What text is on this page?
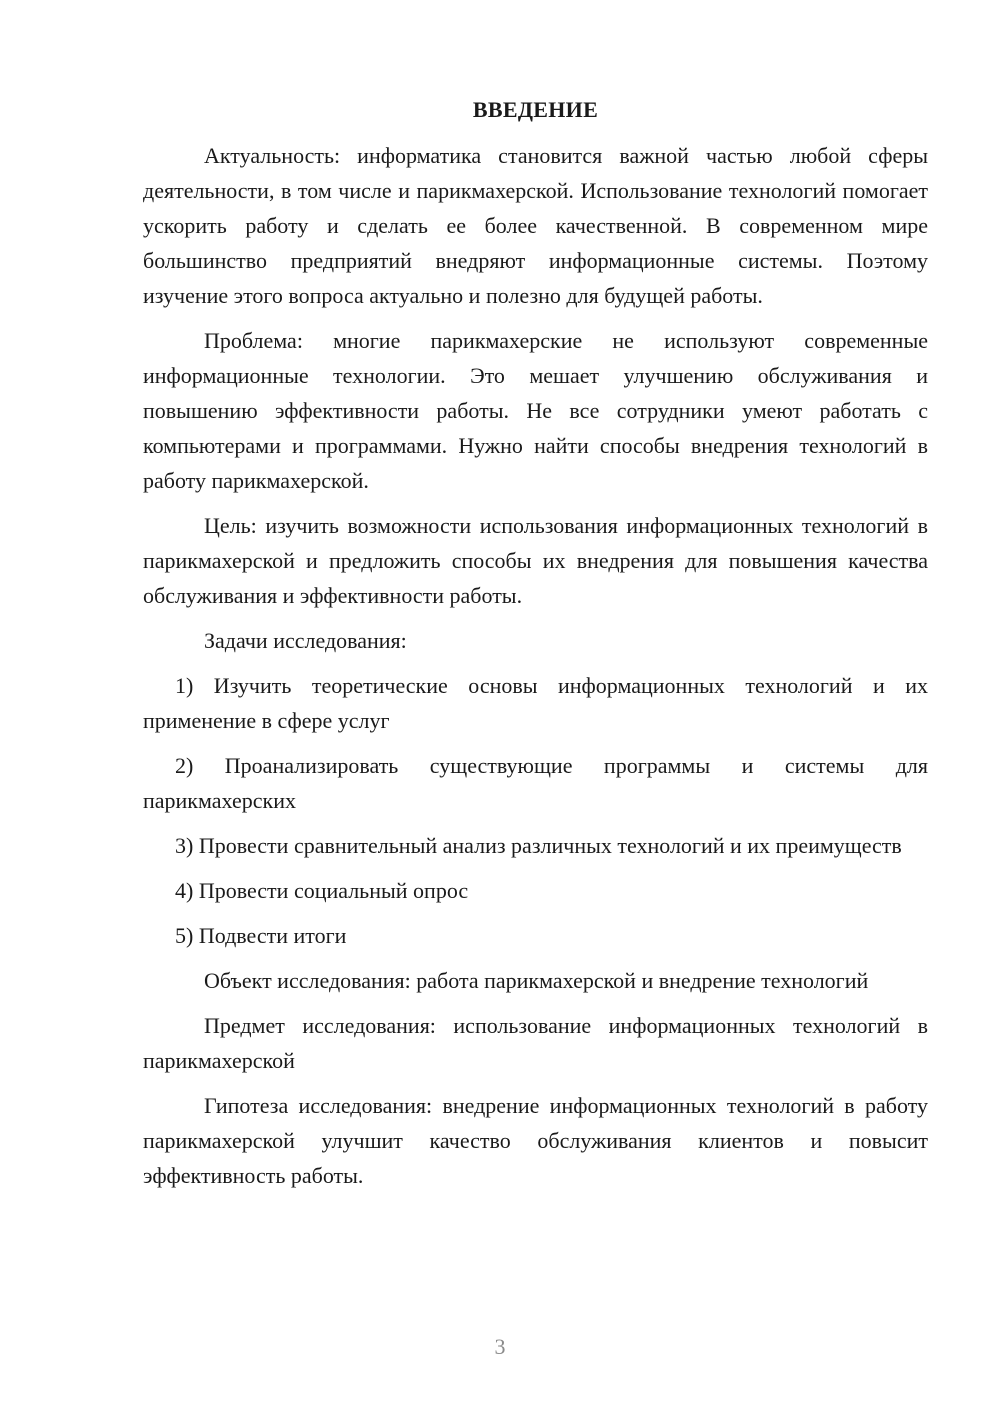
ВВЕДЕНИЕ

Актуальность: информатика становится важной частью любой сферы деятельности, в том числе и парикмахерской. Использование технологий помогает ускорить работу и сделать ее более качественной. В современном мире большинство предприятий внедряют информационные системы. Поэтому изучение этого вопроса актуально и полезно для будущей работы.

Проблема: многие парикмахерские не используют современные информационные технологии. Это мешает улучшению обслуживания и повышению эффективности работы. Не все сотрудники умеют работать с компьютерами и программами. Нужно найти способы внедрения технологий в работу парикмахерской.

Цель: изучить возможности использования информационных технологий в парикмахерской и предложить способы их внедрения для повышения качества обслуживания и эффективности работы.

Задачи исследования:

1) Изучить теоретические основы информационных технологий и их применение в сфере услуг

2) Проанализировать существующие программы и системы для парикмахерских

3) Провести сравнительный анализ различных технологий и их преимуществ

4) Провести социальный опрос

5) Подвести итоги

Объект исследования: работа парикмахерской и внедрение технологий

Предмет исследования: использование информационных технологий в парикмахерской

Гипотеза исследования: внедрение информационных технологий в работу парикмахерской улучшит качество обслуживания клиентов и повысит эффективность работы.

3
